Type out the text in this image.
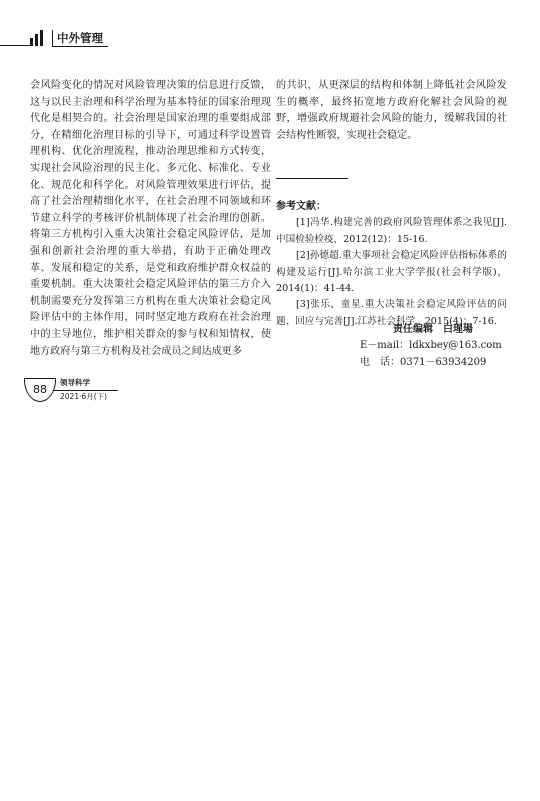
中外管理

会风险变化的情况对风险管理决策的信息进行反馈，这与以民主治理和科学治理为基本特征的国家治理现代化是相契合的。社会治理是国家治理的重要组成部分，在精细化治理目标的引导下，可通过科学设置管理机构、优化治理流程，推动治理思维和方式转变，实现社会风险治理的民主化、多元化、标准化、专业化、规范化和科学化。对风险管理效果进行评估，提高了社会治理精细化水平，在社会治理不同领域和环节建立科学的考核评价机制体现了社会治理的创新。将第三方机构引入重大决策社会稳定风险评估，是加强和创新社会治理的重大举措，有助于正确处理改革、发展和稳定的关系，是党和政府维护群众权益的重要机制。重大决策社会稳定风险评估的第三方介入机制需要充分发挥第三方机构在重大决策社会稳定风险评估中的主体作用，同时坚定地方政府在社会治理中的主导地位，维护相关群众的参与权和知情权，使地方政府与第三方机构及社会成员之间达成更多

的共识，从更深层的结构和体制上降低社会风险发生的概率，最终拓宽地方政府化解社会风险的视野，增强政府规避社会风险的能力，缓解我国的社会结构性断裂，实现社会稳定。

参考文献：

[1]冯华.构建完善的政府风险管理体系之我见[J].中国检验检疫，2012(12)：15-16.

[2]孙德超.重大事项社会稳定风险评估指标体系的构建及运行[J].哈尔滨工业大学学报(社会科学版)，2014(1)：41-44.

[3]张乐，童星.重大决策社会稳定风险评估的问题、回应与完善[J].江苏社会科学，2015(4)：7-16.

责任编辑　白瑆瑒
E－mail：ldkxbey@163.com
电　话：0371－63934209
88
领导科学
2021·6月(下)
